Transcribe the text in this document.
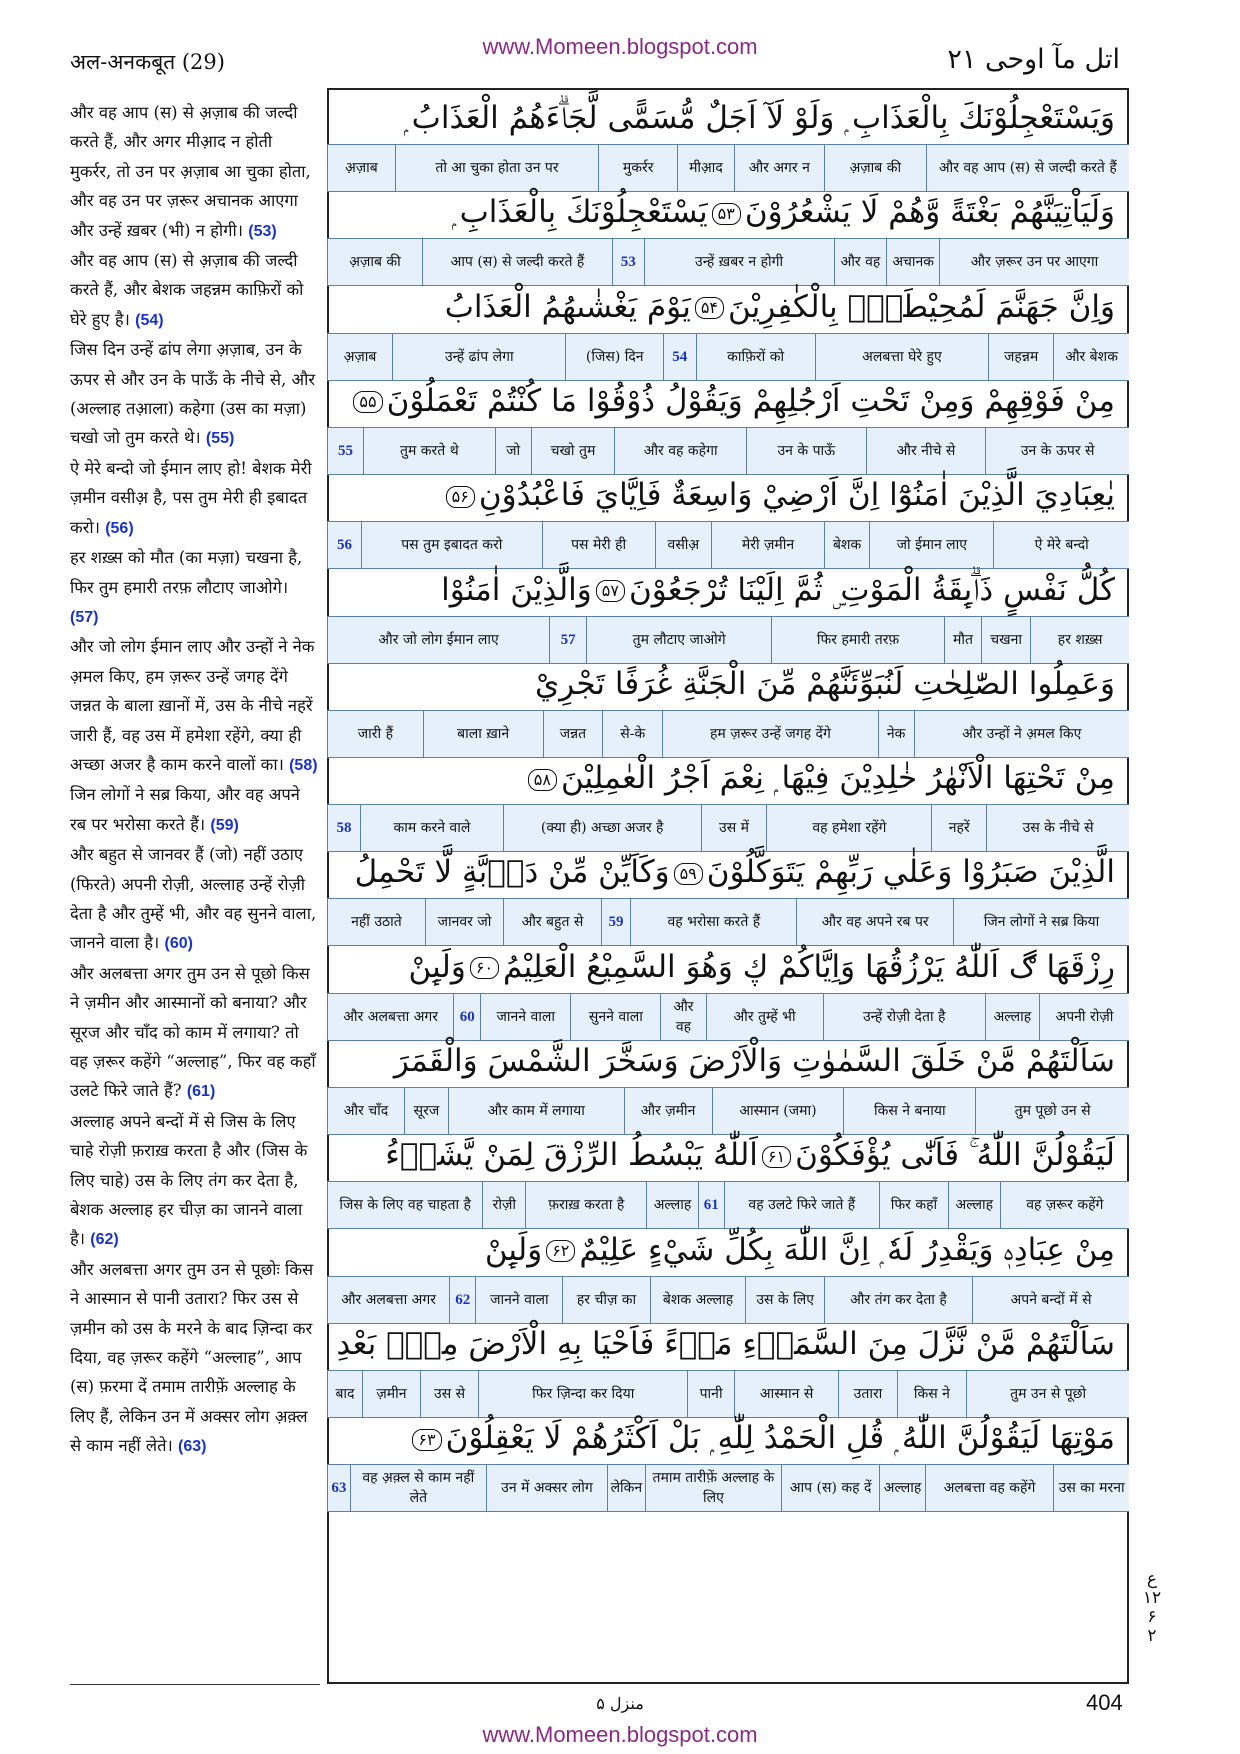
अल-अनकबूत (29)
www.Momeen.blogspot.com	اتل مآ اوحی ۲۱
और वह आप (स) से अ़ज़ाब की जल्दी करते हैं, और अगर मीआ़द न होती मुकर्रर, तो उन पर अ़ज़ाब आ चुका होता, और वह उन पर ज़रूर अचानक आएगा और उन्हें ख़बर (भी) न होगी। (53)
और वह आप (स) से अ़ज़ाब की जल्दी करते हैं, और बेशक जहन्नम काफ़िरों को घेरे हुए है। (54)
जिस दिन उन्हें ढांप लेगा अ़ज़ाब, उन के ऊपर से और उन के पाऊँ के नीचे से, और (अल्लाह तआ़ला) कहेगा (उस का मज़ा) चखो जो तुम करते थे। (55)
ऐ मेरे बन्दो जो ईमान लाए हो! बेशक मेरी ज़मीन वसीअ़ है, पस तुम मेरी ही इबादत करो। (56)
हर शख़्स को मौत (का मज़ा) चखना है, फिर तुम हमारी तरफ़ लौटाए जाओगे। (57)
और जो लोग ईमान लाए और उन्हों ने नेक अ़मल किए, हम ज़रूर उन्हें जगह देंगे जन्नत के बाला ख़ानों में, उस के नीचे नहरें जारी हैं, वह उस में हमेशा रहेंगे, क्या ही अच्छा अजर है काम करने वालों का। (58)
जिन लोगों ने सब्र किया, और वह अपने रब पर भरोसा करते हैं। (59)
और बहुत से जानवर हैं (जो) नहीं उठाए (फिरते) अपनी रोज़ी, अल्लाह उन्हें रोज़ी देता है और तुम्हें भी, और वह सुनने वाला, जानने वाला है। (60)
और अलबत्ता अगर तुम उन से पूछो किस ने ज़मीन और आस्मानों को बनाया? और सूरज और चाँद को काम में लगाया? तो वह ज़रूर कहेंगे “अल्लाह”, फिर वह कहाँ उलटे फिरे जाते हैं? (61)
अल्लाह अपने बन्दों में से जिस के लिए चाहे रोज़ी फ़राख़ करता है और (जिस के लिए चाहे) उस के लिए तंग कर देता है, बेशक अल्लाह हर चीज़ का जानने वाला है। (62)
और अलबत्ता अगर तुम उन से पूछोः किस ने आस्मान से पानी उतारा? फिर उस से ज़मीन को उस के मरने के बाद ज़िन्दा कर दिया, वह ज़रूर कहेंगे “अल्लाह”, आप (स) फ़रमा दें तमाम तारीफ़ें अल्लाह के लिए हैं, लेकिन उन में अक्सर लोग अ़क़्ल से काम नहीं लेते। (63)

وَيَسْتَعْجِلُوْنَكَ بِالْعَذَابِ ۭ وَلَوْ لَآ اَجَلٌ مُّسَمًّى لَّجَاۗءَهُمُ الْعَذَابُ ۭ
और वह आप (स) से जल्दी करते हैं
अ़ज़ाब की
और अगर न
मीआ़द
मुकर्रर
तो आ चुका होता उन पर
अ़ज़ाब
وَلَيَاْتِيَنَّهُمْ بَغْتَةً وَّهُمْ لَا يَشْعُرُوْنَ۵۳يَسْتَعْجِلُوْنَكَ بِالْعَذَابِ ۭ
और ज़रूर उन पर आएगा
अचानक
और वह
उन्हें ख़बर न होगी
53
आप (स) से जल्दी करते हैं
अ़ज़ाब की
وَاِنَّ جَهَنَّمَ لَمُحِيْطَةٌۢ بِالْكٰفِرِيْنَ۵۴يَوْمَ يَغْشٰىهُمُ الْعَذَابُ
और बेशक
जहन्नम
अलबत्ता घेरे हुए
काफ़िरों को
54
(जिस) दिन
उन्हें ढांप लेगा
अ़ज़ाब
مِنْ فَوْقِهِمْ وَمِنْ تَحْتِ اَرْجُلِهِمْ وَيَقُوْلُ ذُوْقُوْا مَا كُنْتُمْ تَعْمَلُوْنَ۵۵
उन के ऊपर से
और नीचे से
उन के पाऊँ
और वह कहेगा
चखो तुम
जो
तुम करते थे
55
يٰعِبَادِيَ الَّذِيْنَ اٰمَنُوْٓا اِنَّ اَرْضِيْ وَاسِعَةٌ فَاِيَّايَ فَاعْبُدُوْنِ۵۶
ऐ मेरे बन्दो
जो ईमान लाए
बेशक
मेरी ज़मीन
वसीअ़
पस मेरी ही
पस तुम इबादत करो
56
كُلُّ نَفْسٍ ذَاۗىِٕقَةُ الْمَوْتِ ۣ ثُمَّ اِلَيْنَا تُرْجَعُوْنَ۵۷وَالَّذِيْنَ اٰمَنُوْا
हर शख़्स
चखना
मौत
फिर हमारी तरफ़
तुम लौटाए जाओगे
57
और जो लोग ईमान लाए
وَعَمِلُوا الصّٰلِحٰتِ لَنُبَوِّئَنَّهُمْ مِّنَ الْجَنَّةِ غُرَفًا تَجْرِيْ
और उन्हों ने अ़मल किए
नेक
हम ज़रूर उन्हें जगह देंगे
से-के
जन्नत
बाला ख़ाने
जारी हैं
مِنْ تَحْتِهَا الْاَنْهٰرُ خٰلِدِيْنَ فِيْهَا ۭ نِعْمَ اَجْرُ الْعٰمِلِيْنَ۵۸
उस के नीचे से
नहरें
वह हमेशा रहेंगे
उस में
(क्या ही) अच्छा अजर है
काम करने वाले
58
الَّذِيْنَ صَبَرُوْا وَعَلٰي رَبِّهِمْ يَتَوَكَّلُوْنَ۵۹وَكَاَيِّنْ مِّنْ دَاۗبَّةٍ لَّا تَحْمِلُ
जिन लोगों ने सब्र किया
और वह अपने रब पर
वह भरोसा करते हैं
59
और बहुत से
जानवर जो
नहीं उठाते
رِزْقَهَا ڰ اَللّٰهُ يَرْزُقُهَا وَاِيَّاكُمْ ڮ وَهُوَ السَّمِيْعُ الْعَلِيْمُ۶۰وَلَىِٕنْ
अपनी रोज़ी
अल्लाह
उन्हें रोज़ी देता है
और तुम्हें भी
और वह
सुनने वाला
जानने वाला
60
और अलबत्ता अगर
سَاَلْتَهُمْ مَّنْ خَلَقَ السَّمٰوٰتِ وَالْاَرْضَ وَسَخَّرَ الشَّمْسَ وَالْقَمَرَ
तुम पूछो उन से
किस ने बनाया
आस्मान (जमा)
और ज़मीन
और काम में लगाया
सूरज
और चाँद
لَيَقُوْلُنَّ اللّٰهُ ۚ فَاَنّٰى يُؤْفَكُوْنَ۶۱اَللّٰهُ يَبْسُطُ الرِّزْقَ لِمَنْ يَّشَاۗءُ
वह ज़रूर कहेंगे
अल्लाह
फिर कहाँ
वह उलटे फिरे जाते हैं
61
अल्लाह
फ़राख़ करता है
रोज़ी
जिस के लिए वह चाहता है
مِنْ عِبَادِهٖ وَيَقْدِرُ لَهٗ ۭ اِنَّ اللّٰهَ بِكُلِّ شَيْءٍ عَلِيْمٌ۶۲وَلَىِٕنْ
अपने बन्दों में से
और तंग कर देता है
उस के लिए
बेशक अल्लाह
हर चीज़ का
जानने वाला
62
और अलबत्ता अगर
سَاَلْتَهُمْ مَّنْ نَّزَّلَ مِنَ السَّمَاۗءِ مَاۗءً فَاَحْيَا بِهِ الْاَرْضَ مِنْۢ بَعْدِ
तुम उन से पूछो
किस ने
उतारा
आस्मान से
पानी
फिर ज़िन्दा कर दिया
उस से
ज़मीन
बाद
مَوْتِهَا لَيَقُوْلُنَّ اللّٰهُ ۭ قُلِ الْحَمْدُ لِلّٰهِ ۭ بَلْ اَكْثَرُهُمْ لَا يَعْقِلُوْنَ۶۳
उस का मरना
अलबत्ता वह कहेंगे
अल्लाह
आप (स) कह दें
तमाम तारीफ़ें अल्लाह के लिए
लेकिन
उन में अक्सर लोग
वह अ़क़्ल से काम नहीं लेते
63
ع
۱۲
۶
۲
منزل ۵	404
www.Momeen.blogspot.com
